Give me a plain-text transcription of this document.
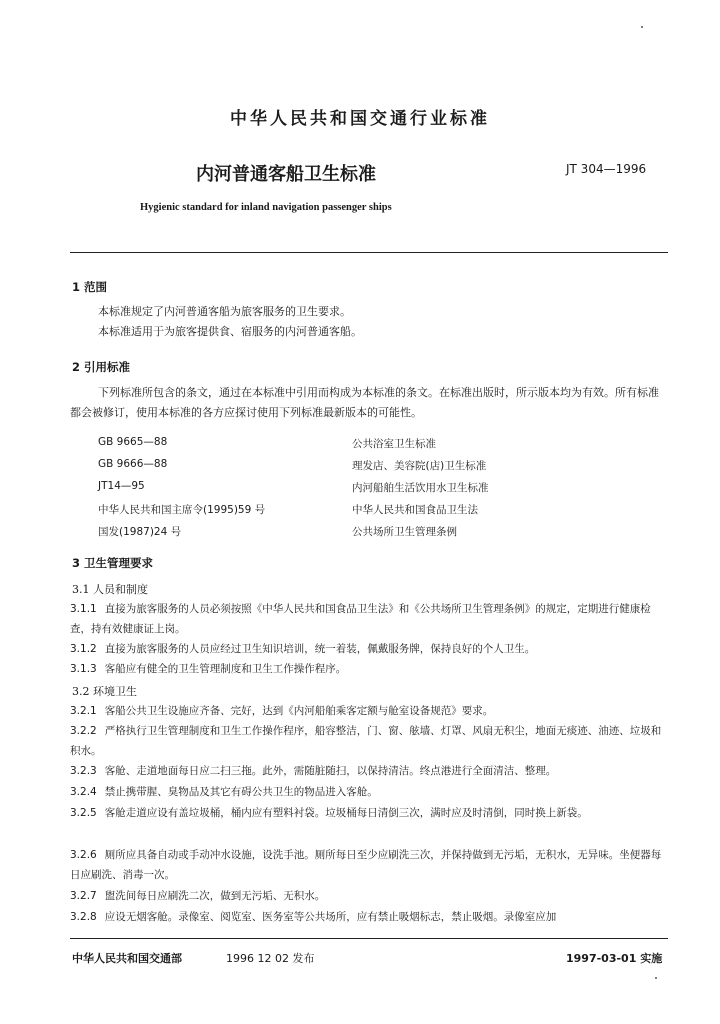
中华人民共和国交通行业标准
内河普通客船卫生标准	JT 304—1996
Hygienic standard for inland navigation passenger ships
1 范围
本标准规定了内河普通客船为旅客服务的卫生要求。
本标准适用于为旅客提供食、宿服务的内河普通客船。
2 引用标准
下列标准所包含的条文，通过在本标准中引用而构成为本标准的条文。在标准出版时，所示版本均为有效。所有标准都会被修订，使用本标准的各方应探讨使用下列标准最新版本的可能性。
GB 9665—88	公共浴室卫生标准
GB 9666—88	理发店、美容院(店)卫生标准
JT14—95	内河船舶生活饮用水卫生标准
中华人民共和国主席令(1995)59 号	中华人民共和国食品卫生法
国发(1987)24 号	公共场所卫生管理条例
3 卫生管理要求
3.1 人员和制度
3.1.1 直接为旅客服务的人员必须按照《中华人民共和国食品卫生法》和《公共场所卫生管理条例》的规定，定期进行健康检查，持有效健康证上岗。
3.1.2 直接为旅客服务的人员应经过卫生知识培训，统一着装，佩戴服务牌，保持良好的个人卫生。
3.1.3 客船应有健全的卫生管理制度和卫生工作操作程序。
3.2 环境卫生
3.2.1 客船公共卫生设施应齐备、完好，达到《内河船舶乘客定额与舱室设备规范》要求。
3.2.2 严格执行卫生管理制度和卫生工作操作程序，船容整洁，门、窗、舷墙、灯罩、风扇无积尘，地面无痰迹、油迹、垃圾和积水。
3.2.3 客舱、走道地面每日应二扫三拖。此外，需随脏随扫，以保持清洁。终点港进行全面清洁、整理。
3.2.4 禁止携带腥、臭物品及其它有碍公共卫生的物品进入客舱。
3.2.5 客舱走道应设有盖垃圾桶，桶内应有塑料衬袋。垃圾桶每日清倒三次，满时应及时清倒，同时换上新袋。
3.2.6 厕所应具备自动或手动冲水设施，设洗手池。厕所每日至少应刷洗三次，并保持做到无污垢，无积水，无异味。坐便器每日应刷洗、消毒一次。
3.2.7 盥洗间每日应刷洗二次，做到无污垢、无积水。
3.2.8 应设无烟客舱。录像室、阅览室、医务室等公共场所，应有禁止吸烟标志，禁止吸烟。录像室应加
中华人民共和国交通部	1996 12 02 发布	1997-03-01 实施
